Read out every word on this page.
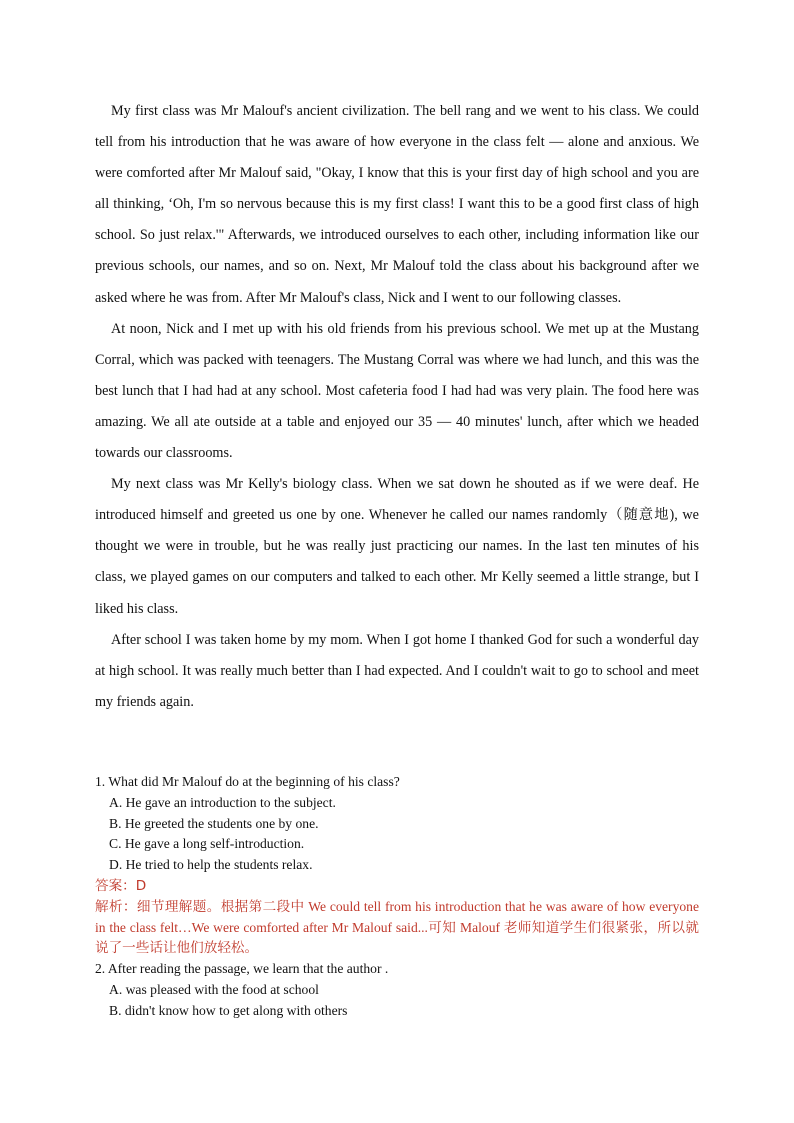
My first class was Mr Malouf's ancient civilization. The bell rang and we went to his class. We could tell from his introduction that he was aware of how everyone in the class felt — alone and anxious. We were comforted after Mr Malouf said, "Okay, I know that this is your first day of high school and you are all thinking, ‘Oh, I'm so nervous because this is my first class! I want this to be a good first class of high school. So just relax.'" Afterwards, we introduced ourselves to each other, including information like our previous schools, our names, and so on. Next, Mr Malouf told the class about his background after we asked where he was from. After Mr Malouf's class, Nick and I went to our following classes.

At noon, Nick and I met up with his old friends from his previous school. We met up at the Mustang Corral, which was packed with teenagers. The Mustang Corral was where we had lunch, and this was the best lunch that I had had at any school. Most cafeteria food I had had was very plain. The food here was amazing. We all ate outside at a table and enjoyed our 35 — 40 minutes' lunch, after which we headed towards our classrooms.

My next class was Mr Kelly's biology class. When we sat down he shouted as if we were deaf. He introduced himself and greeted us one by one. Whenever he called our names randomly（随意地), we thought we were in trouble, but he was really just practicing our names. In the last ten minutes of his class, we played games on our computers and talked to each other. Mr Kelly seemed a little strange, but I liked his class.

After school I was taken home by my mom. When I got home I thanked God for such a wonderful day at high school. It was really much better than I had expected. And I couldn't wait to go to school and meet my friends again.

1. What did Mr Malouf do at the beginning of his class?

A. He gave an introduction to the subject.

B. He greeted the students one by one.

C. He gave a long self-introduction.

D. He tried to help the students relax.

答案：D

解析：细节理解题。根据第二段中 We could tell from his introduction that he was aware of how everyone in the class felt…We were comforted after Mr Malouf said...可知 Malouf 老师知道学生们很紧张，所以就说了一些话让他们放轻松。

2. After reading the passage, we learn that the author .

A. was pleased with the food at school

B. didn't know how to get along with others
